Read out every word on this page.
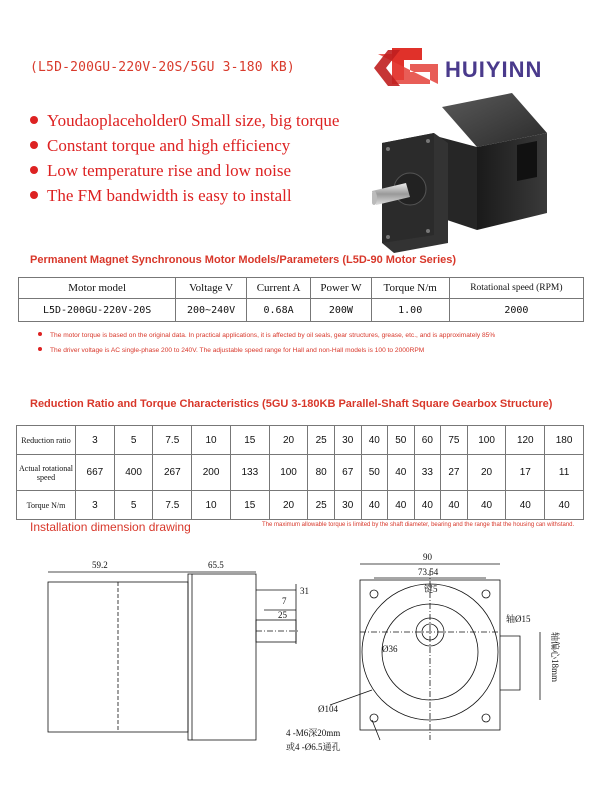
(L5D-200GU-220V-20S/5GU 3-180 KB)	HUIYINN
Youdaoplaceholder0 Small size, big torque
Constant torque and high efficiency
Low temperature rise and low noise
The FM bandwidth is easy to install
Permanent Magnet Synchronous Motor Models/Parameters (L5D-90 Motor Series)
Motor model	Voltage V	Current A	Power W	Torque N/m	Rotational speed (RPM)
L5D-200GU-220V-20S	200~240V	0.68A	200W	1.00	2000
The motor torque is based on the original data. In practical applications, it is affected by oil seals, gear structures, grease, etc., and is approximately 85%
The driver voltage is AC single-phase 200 to 240V. The adjustable speed range for Hall and non-Hall models is 100 to 2000RPM
Reduction Ratio and Torque Characteristics (5GU 3-180KB Parallel-Shaft Square Gearbox Structure)
Reduction ratio	3	5	7.5	10	15	20	25	30	40	50	60	75	100	120	180
Actual rotational speed	667	400	267	200	133	100	80	67	50	40	33	27	20	17	11
Torque N/m	3	5	7.5	10	15	20	25	30	40	40	40	40	40	40	40
Installation dimension drawing	The maximum allowable torque is limited by the shaft diameter, bearing and the range that the housing can withstand.
59.2	65.5
31
7
25
90
73.54
键5
轴Ø15
Ø36
Ø104
轴偏心18mm
4 -M6深20mm
或4 -Ø6.5通孔
